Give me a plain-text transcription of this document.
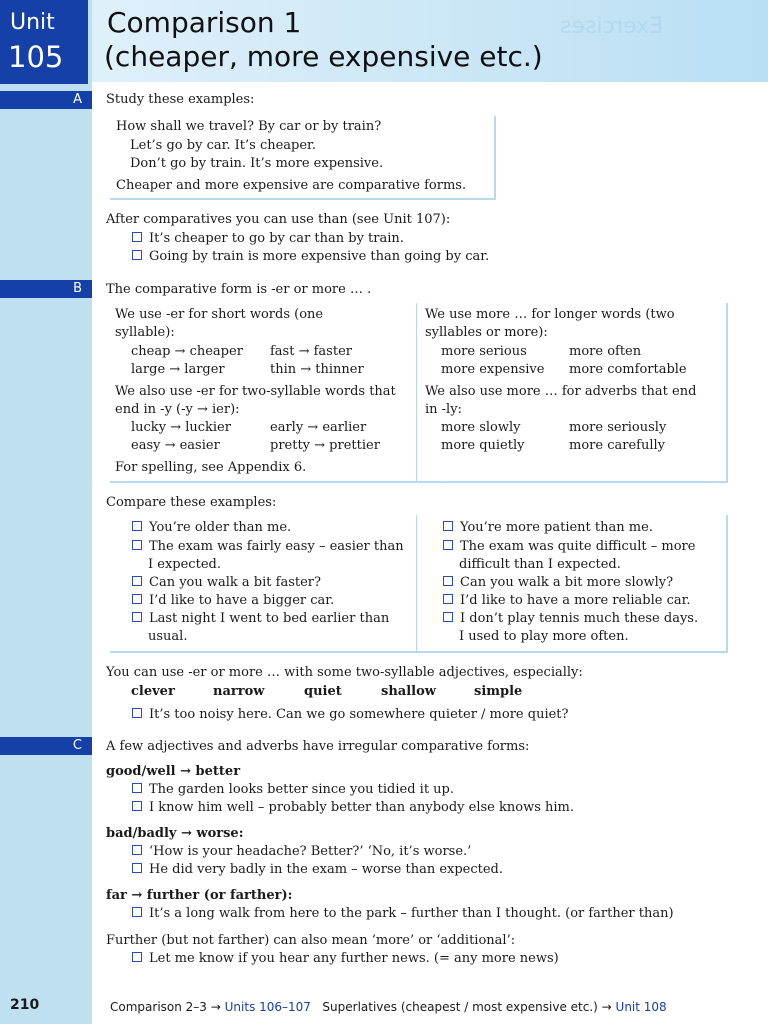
Exercises
Unit
105
Comparison 1
(cheaper, more expensive etc.)
A Study these examples:
How shall we travel? By car or by train?
Let’s go by car. It’s cheaper.
Don’t go by train. It’s more expensive.
Cheaper and more expensive are comparative forms.
After comparatives you can use than (see Unit 107):
It’s cheaper to go by car than by train.
Going by train is more expensive than going by car.
B The comparative form is -er or more … .
We use -er for short words (one
syllable):
cheap → cheaper fast → faster
large → larger	thin → thinner
We also use -er for two-syllable words that
end in -y (-y → ier):
lucky → luckier	early → earlier
easy → easier	pretty → prettier
For spelling, see Appendix 6.
We use more … for longer words (two
syllables or more):
more serious	more often
more expensive more comfortable
We also use more … for adverbs that end
in -ly:
more slowly	more seriously
more quietly	more carefully
Compare these examples:
You’re older than me.
The exam was fairly easy – easier than
I expected.
Can you walk a bit faster?
I’d like to have a bigger car.
Last night I went to bed earlier than
usual.
You’re more patient than me.
The exam was quite difficult – more
difficult than I expected.
Can you walk a bit more slowly?
I’d like to have a more reliable car.
I don’t play tennis much these days.
I used to play more often.
You can use -er or more … with some two-syllable adjectives, especially:
clever	narrow	quiet	shallow	simple
It’s too noisy here. Can we go somewhere quieter / more quiet?
C A few adjectives and adverbs have irregular comparative forms:
good/well → better
The garden looks better since you tidied it up.
I know him well – probably better than anybody else knows him.
bad/badly → worse:
‘How is your headache? Better?’ ‘No, it’s worse.’
He did very badly in the exam – worse than expected.
far → further (or farther):
It’s a long walk from here to the park – further than I thought. (or farther than)
Further (but not farther) can also mean ‘more’ or ‘additional’:
Let me know if you hear any further news. (= any more news)
210	Comparison 2–3 → Units 106–107 Superlatives (cheapest / most expensive etc.) → Unit 108
